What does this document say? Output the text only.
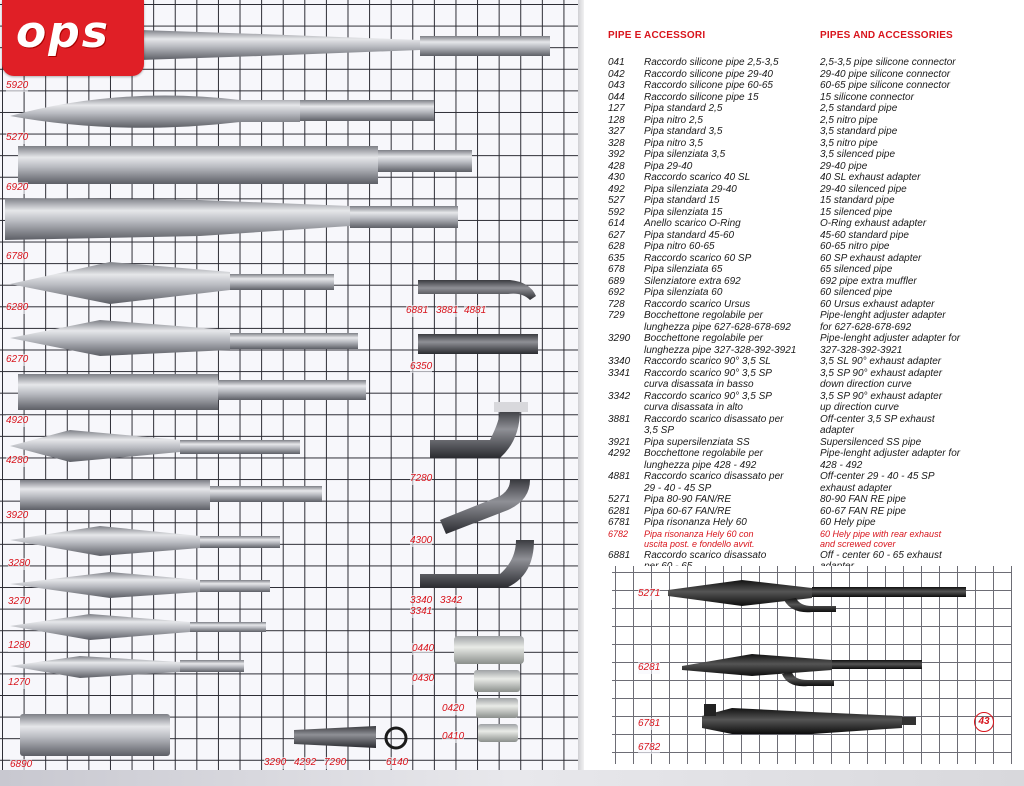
ops
5920
5270
6920
6780
6280
6270
4920
4280
3920
3280
3270
1280
1270
6890
6881 3881 4881
6350
7280
4300
3340
3341
3342
0440
0430
0420
0410
3290 4292 7290	6140
PIPE E ACCESSORI	PIPES AND ACCESSORIES
041 Raccordo silicone pipe 2,5-3,5
042 Raccordo silicone pipe 29-40
043 Raccordo silicone pipe 60-65
044 Raccordo silicone pipe 15
127 Pipa standard 2,5
128 Pipa nitro 2,5
327 Pipa standard 3,5
328 Pipa nitro 3,5
392 Pipa silenziata 3,5
428 Pipa 29-40
430 Raccordo scarico 40 SL
492 Pipa silenziata 29-40
527 Pipa standard 15
592 Pipa silenziata 15
614 Anello scarico O-Ring
627 Pipa standard 45-60
628 Pipa nitro 60-65
635 Raccordo scarico 60 SP
678 Pipa silenziata 65
689 Silenziatore extra 692
692 Pipa silenziata 60
728 Raccordo scarico Ursus
729 Bocchettone regolabile per
lunghezza pipe 627-628-678-692
3290 Bocchettone regolabile per
lunghezza pipe 327-328-392-3921
3340 Raccordo scarico 90° 3,5 SL
3341 Raccordo scarico 90° 3,5 SP
curva disassata in basso
3342 Raccordo scarico 90° 3,5 SP
curva disassata in alto
3881 Raccordo scarico disassato per
3,5 SP
3921 Pipa supersilenziata SS
4292 Bocchettone regolabile per
lunghezza pipe 428 - 492
4881 Raccordo scarico disassato per
29 - 40 - 45 SP
5271 Pipa 80-90 FAN/RE
6281 Pipa 60-67 FAN/RE
6781 Pipa risonanza Hely 60
6782 Pipa risonanza Hely 60 con
uscita post. e fondello avvit.
6881 Raccordo scarico disassato
2,5-3,5 pipe silicone connector
29-40 pipe silicone connector
60-65 pipe silicone connector
15 silicone connector
2,5 standard pipe
2,5 nitro pipe
3,5 standard pipe
3,5 nitro pipe
3,5 silenced pipe
29-40 pipe
40 SL exhaust adapter
29-40 silenced pipe
15 standard pipe
15 silenced pipe
O-Ring exhaust adapter
45-60 standard pipe
60-65 nitro pipe
60 SP exhaust adapter
65 silenced pipe
692 pipe extra muffler
60 silenced pipe
60 Ursus exhaust adapter
Pipe-lenght adjuster adapter
for 627-628-678-692
Pipe-lenght adjuster adapter for
327-328-392-3921
3,5 SL 90° exhaust adapter
3,5 SP 90° exhaust adapter
down direction curve
3,5 SP 90° exhaust adapter
up direction curve
Off-center 3,5 SP exhaust
adapter
Supersilenced SS pipe
Pipe-lenght adjuster adapter for
428 - 492
Off-center 29 - 40 - 45 SP
exhaust adapter
80-90 FAN RE pipe
60-67 FAN RE pipe
60 Hely pipe
60 Hely pipe with rear exhaust
and screwed cover
Off - center 60 - 65 exhaust
5271
6281
6781
6782
43
